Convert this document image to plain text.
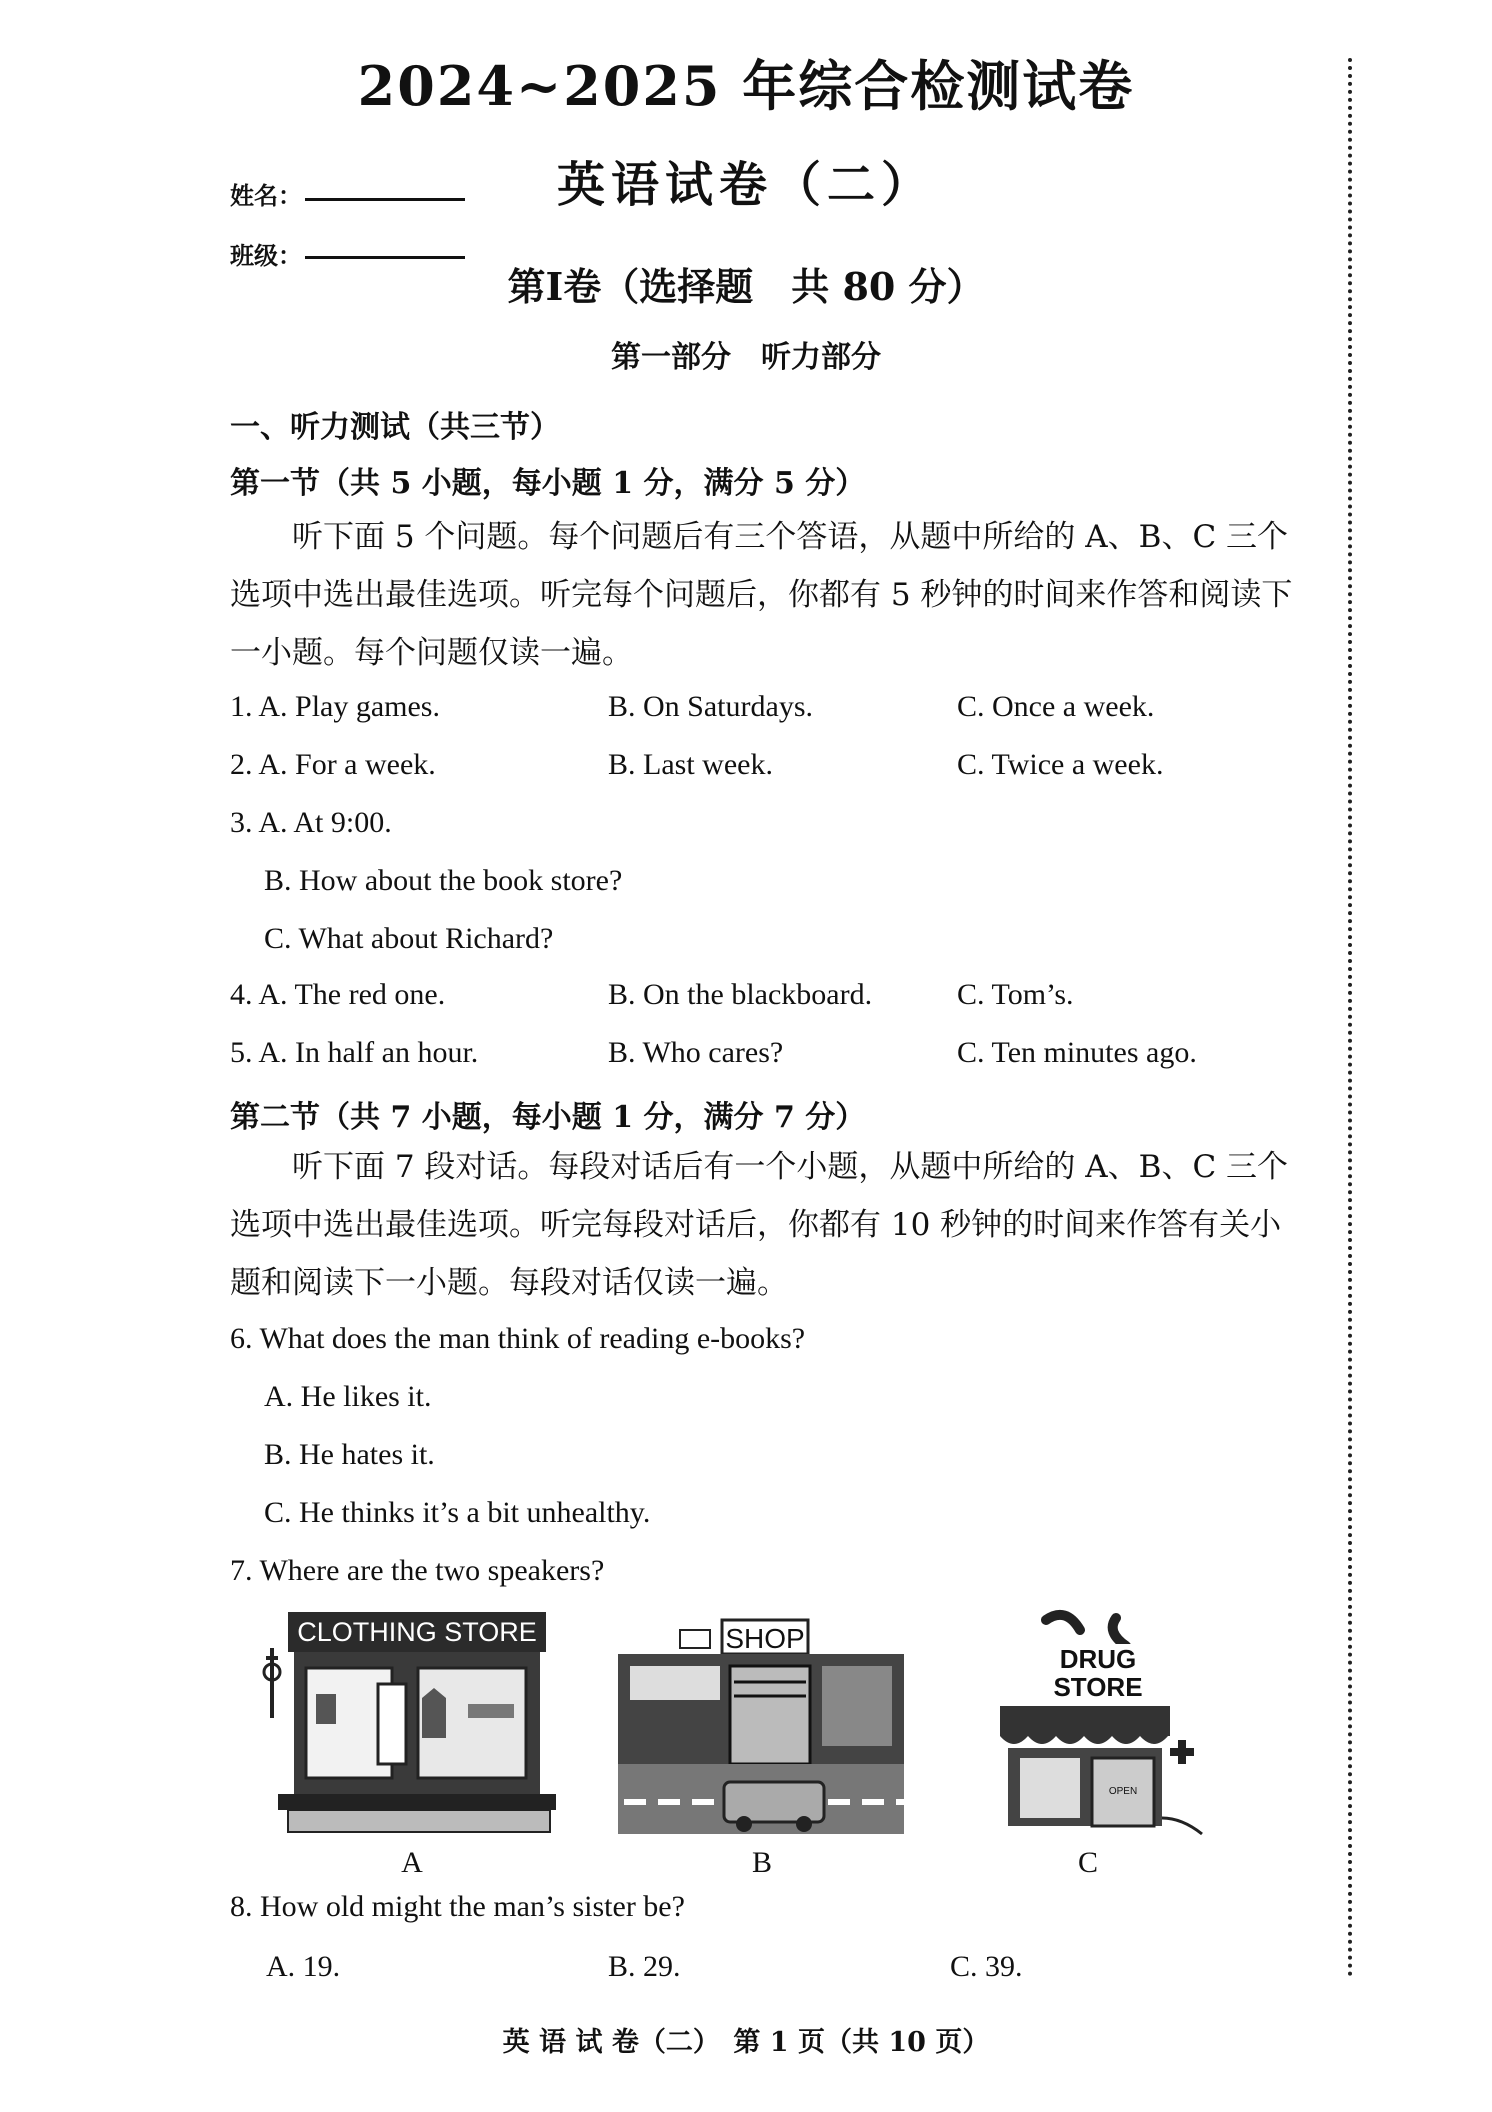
2024~2025 年综合检测试卷
英语试卷（二）
姓名：
班级：
第Ⅰ卷（选择题　共 80 分）
第一部分　听力部分
一、听力测试（共三节）
第一节（共 5 小题，每小题 1 分，满分 5 分）
听下面 5 个问题。每个问题后有三个答语，从题中所给的 A、B、C 三个选项中选出最佳选项。听完每个问题后，你都有 5 秒钟的时间来作答和阅读下一小题。每个问题仅读一遍。
1. A. Play games.	B. On Saturdays.	C. Once a week.
2. A. For a week.	B. Last week.	C. Twice a week.
3. A. At 9:00.
B. How about the book store?
C. What about Richard?
4. A. The red one.	B. On the blackboard.	C. Tom’s.
5. A. In half an hour.	B. Who cares?	C. Ten minutes ago.
第二节（共 7 小题，每小题 1 分，满分 7 分）
听下面 7 段对话。每段对话后有一个小题，从题中所给的 A、B、C 三个选项中选出最佳选项。听完每段对话后，你都有 10 秒钟的时间来作答有关小题和阅读下一小题。每段对话仅读一遍。
6. What does the man think of reading e-books?
A. He likes it.
B. He hates it.
C. He thinks it’s a bit unhealthy.
7. Where are the two speakers?
CLOTHING STORE
A
SHOP
B
DRUG
STORE
OPEN
C
8. How old might the man’s sister be?
A. 19.	B. 29.	C. 39.
英 语 试 卷（二）　第 1 页（共 10 页）
